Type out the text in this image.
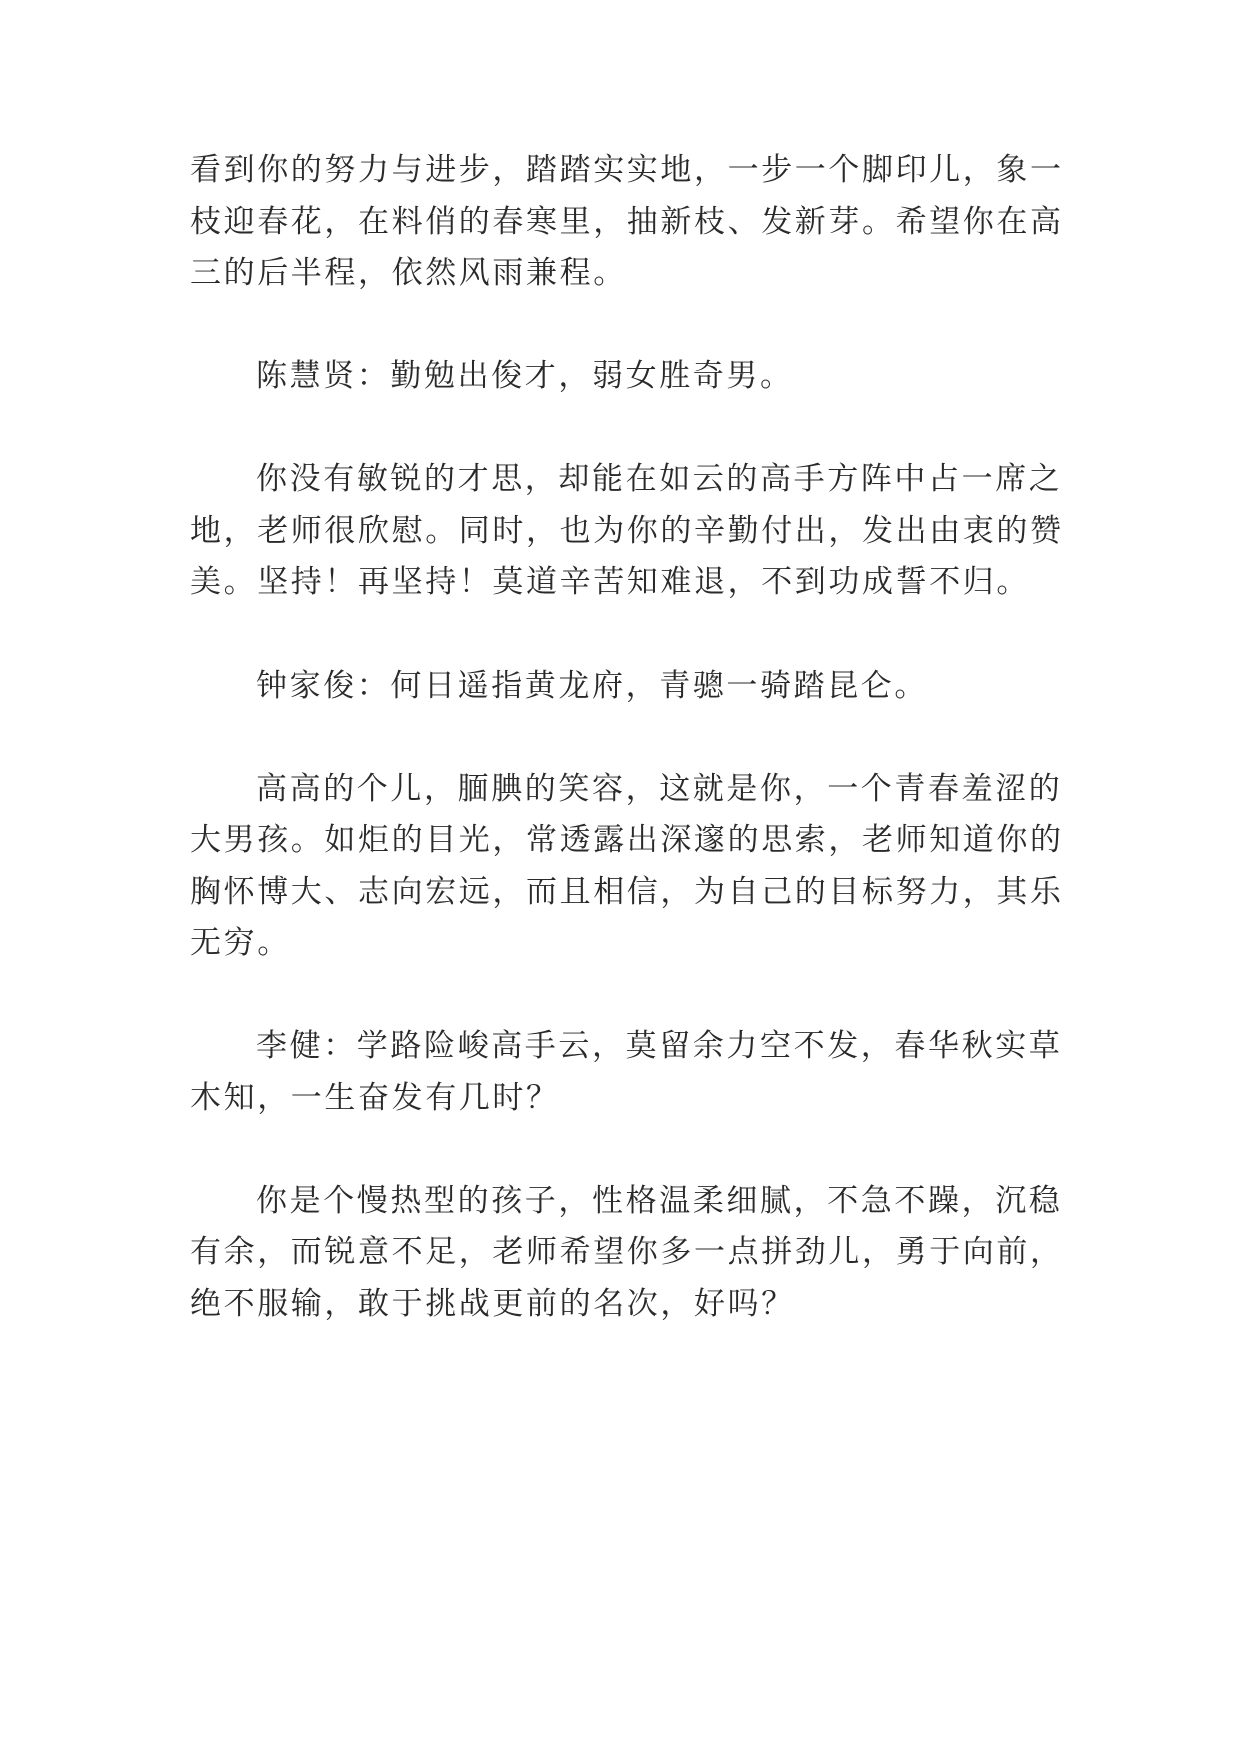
看到你的努力与进步，踏踏实实地，一步一个脚印儿，象一
枝迎春花，在料俏的春寒里，抽新枝、发新芽。希望你在高
三的后半程，依然风雨兼程。
陈慧贤：勤勉出俊才，弱女胜奇男。
你没有敏锐的才思，却能在如云的高手方阵中占一席之
地，老师很欣慰。同时，也为你的辛勤付出，发出由衷的赞
美。坚持！再坚持！莫道辛苦知难退，不到功成誓不归。
钟家俊：何日遥指黄龙府，青骢一骑踏昆仑。
高高的个儿，腼腆的笑容，这就是你，一个青春羞涩的
大男孩。如炬的目光，常透露出深邃的思索，老师知道你的
胸怀博大、志向宏远，而且相信，为自己的目标努力，其乐
无穷。
李健：学路险峻高手云，莫留余力空不发，春华秋实草
木知，一生奋发有几时？
你是个慢热型的孩子，性格温柔细腻，不急不躁，沉稳
有余，而锐意不足，老师希望你多一点拼劲儿，勇于向前，
绝不服输，敢于挑战更前的名次，好吗？
